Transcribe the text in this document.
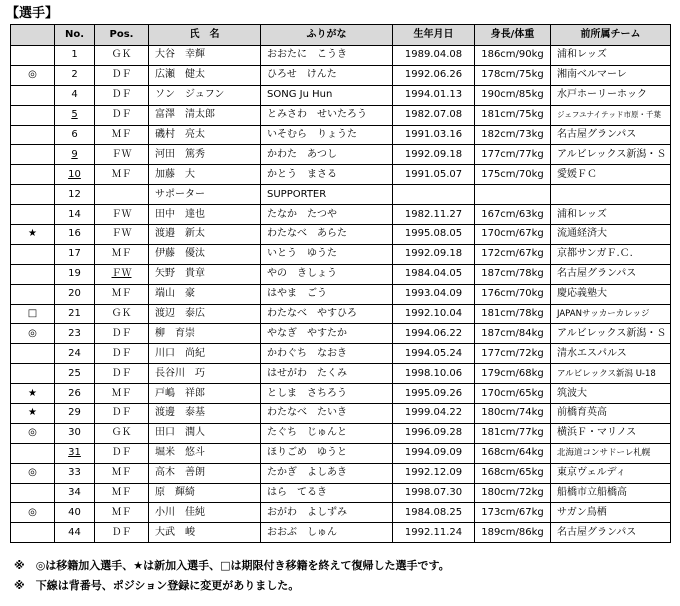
【選手】
	No.	Pos.	氏　名	ふりがな	生年月日	身長/体重	前所属チーム
	1	ＧＫ	大谷　幸輝	おおたに　こうき	1989.04.08	186cm/90kg	浦和レッズ
◎	2	ＤＦ	広瀬　健太	ひろせ　けんた	1992.06.26	178cm/75kg	湘南ベルマーレ
	4	ＤＦ	ソン　ジュフン	SONG Ju Hun	1994.01.13	190cm/85kg	水戸ホーリーホック
	5	ＤＦ	富澤　清太郎	とみさわ　せいたろう	1982.07.08	181cm/75kg	ジェフユナイテッド市原・千葉
	6	ＭＦ	磯村　亮太	いそむら　りょうた	1991.03.16	182cm/73kg	名古屋グランパス
	9	ＦＷ	河田　篤秀	かわた　あつし	1992.09.18	177cm/77kg	アルビレックス新潟・Ｓ
	10	ＭＦ	加藤　大	かとう　まさる	1991.05.07	175cm/70kg	愛媛ＦＣ
	12		サポーター	SUPPORTER			
	14	ＦＷ	田中　達也	たなか　たつや	1982.11.27	167cm/63kg	浦和レッズ
★	16	ＦＷ	渡邉　新太	わたなべ　あらた	1995.08.05	170cm/67kg	流通経済大
	17	ＭＦ	伊藤　優汰	いとう　ゆうた	1992.09.18	172cm/67kg	京都サンガＦ.Ｃ.
	19	ＦＷ	矢野　貴章	やの　きしょう	1984.04.05	187cm/78kg	名古屋グランパス
	20	ＭＦ	端山　豪	はやま　ごう	1993.04.09	176cm/70kg	慶応義塾大
□	21	ＧＫ	渡辺　泰広	わたなべ　やすひろ	1992.10.04	181cm/78kg	JAPANサッカーカレッジ
◎	23	ＤＦ	柳　育崇	やなぎ　やすたか	1994.06.22	187cm/84kg	アルビレックス新潟・Ｓ
	24	ＤＦ	川口　尚紀	かわぐち　なおき	1994.05.24	177cm/72kg	清水エスパルス
	25	ＤＦ	長谷川　巧	はせがわ　たくみ	1998.10.06	179cm/68kg	アルビレックス新潟 U-18
★	26	ＭＦ	戸嶋　祥郎	としま　さちろう	1995.09.26	170cm/65kg	筑波大
★	29	ＤＦ	渡邊　泰基	わたなべ　たいき	1999.04.22	180cm/74kg	前橋育英高
◎	30	ＧＫ	田口　潤人	たぐち　じゅんと	1996.09.28	181cm/77kg	横浜Ｆ・マリノス
	31	ＤＦ	堀米　悠斗	ほりごめ　ゆうと	1994.09.09	168cm/64kg	北海道コンサドーレ札幌
◎	33	ＭＦ	高木　善朗	たかぎ　よしあき	1992.12.09	168cm/65kg	東京ヴェルディ
	34	ＭＦ	原　輝綺	はら　てるき	1998.07.30	180cm/72kg	船橋市立船橋高
◎	40	ＭＦ	小川　佳純	おがわ　よしずみ	1984.08.25	173cm/67kg	サガン鳥栖
	44	ＤＦ	大武　峻	おおぶ　しゅん	1992.11.24	189cm/86kg	名古屋グランパス
※　◎は移籍加入選手、★は新加入選手、□は期限付き移籍を終えて復帰した選手です。
※　下線は背番号、ポジション登録に変更がありました。
